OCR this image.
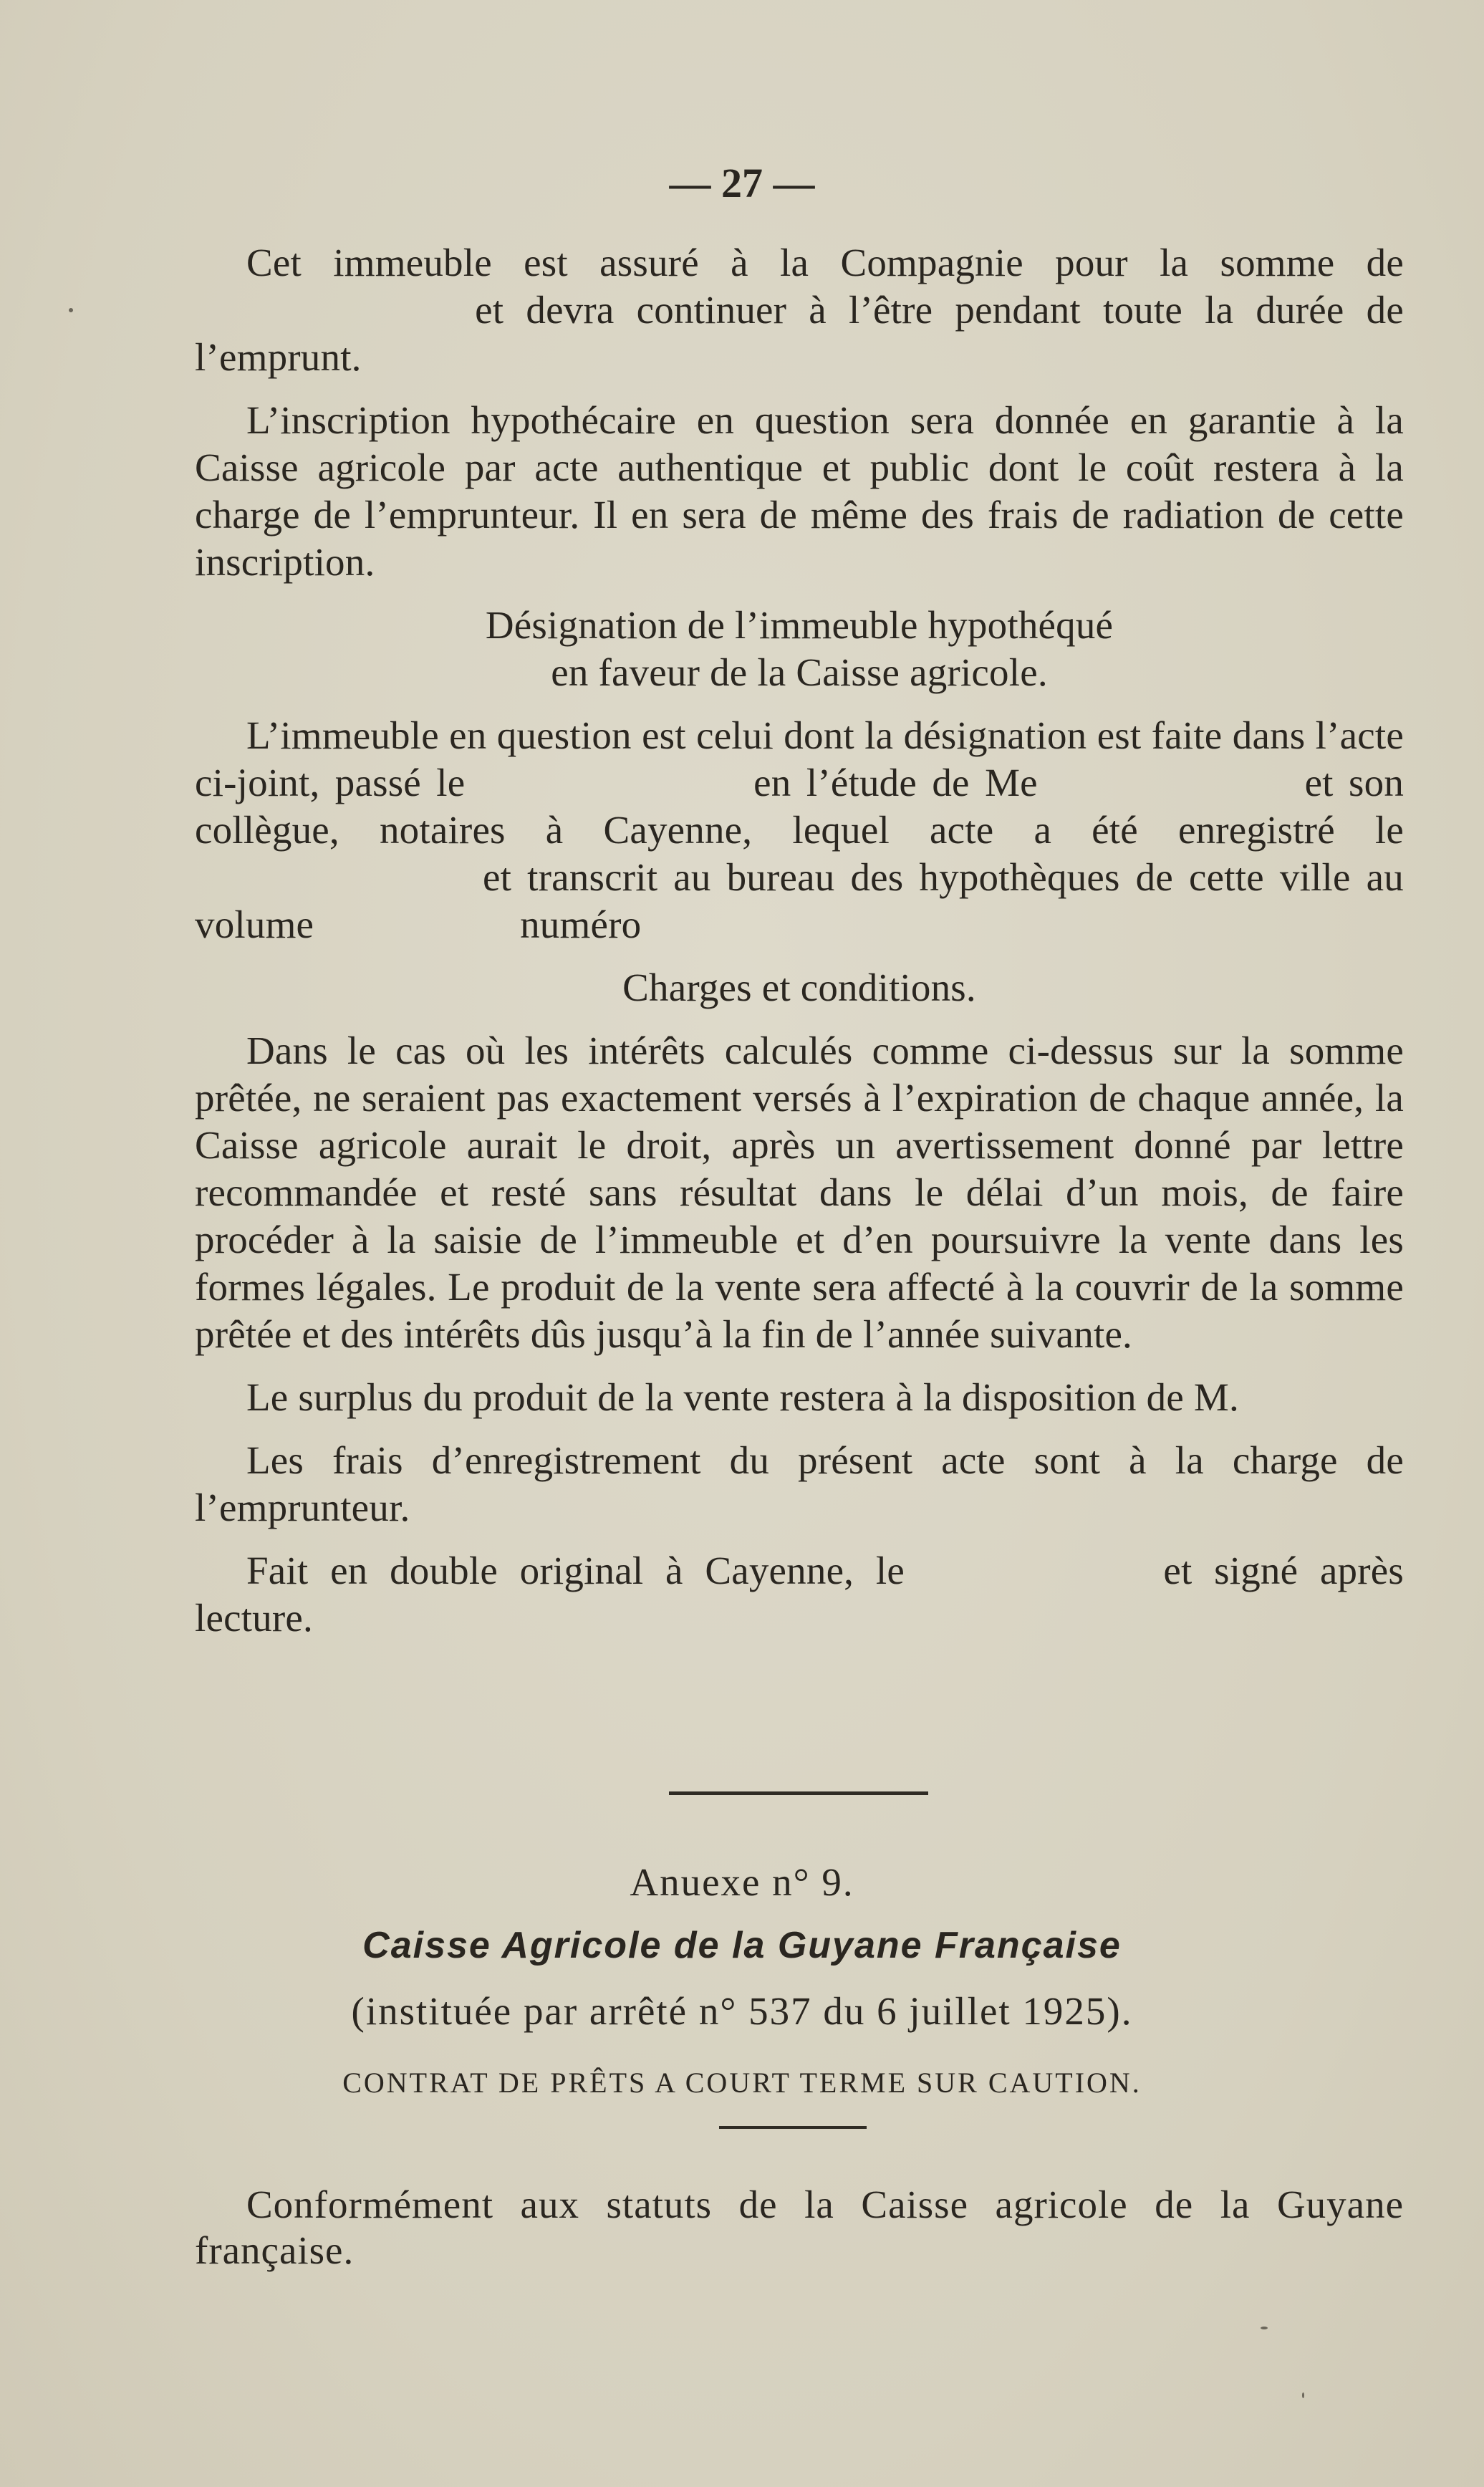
— 27 —

Cet immeuble est assuré à la Compagnie pour la somme de  et devra continuer à l’être pendant toute la durée de l’emprunt.

L’inscription hypothécaire en question sera donnée en garantie à la Caisse agricole par acte authentique et public dont le coût restera à la charge de l’emprunteur. Il en sera de même des frais de radiation de cette inscription.

Désignation de l’immeuble hypothéqué

en faveur de la Caisse agricole.

L’immeuble en question est celui dont la désignation est faite dans l’acte ci-joint, passé le	en l’étude de Me	et son collègue, notaires à Cayenne, lequel acte a été enregistré le  et transcrit au bureau des hypothèques de cette ville au volume	numéro

Charges et conditions.

Dans le cas où les intérêts calculés comme ci-dessus sur la somme prêtée, ne seraient pas exactement versés à l’expiration de chaque année, la Caisse agricole aurait le droit, après un avertissement donné par lettre recommandée et resté sans résultat dans le délai d’un mois, de faire procéder à la saisie de l’immeuble et d’en poursuivre la vente dans les formes légales. Le produit de la vente sera affecté à la couvrir de la somme prêtée et des intérêts dûs jusqu’à la fin de l’année suivante.

Le surplus du produit de la vente restera à la disposition de M.

Les frais d’enregistrement du présent acte sont à la charge de l’emprunteur.

Fait en double original à Cayenne, le	et signé après lecture.

Anuexe n° 9.
Caisse Agricole de la Guyane Française
(instituée par arrêté n° 537 du 6 juillet 1925).
CONTRAT DE PRÊTS A COURT TERME SUR CAUTION.

Conformément aux statuts de la Caisse agricole de la Guyane française.
